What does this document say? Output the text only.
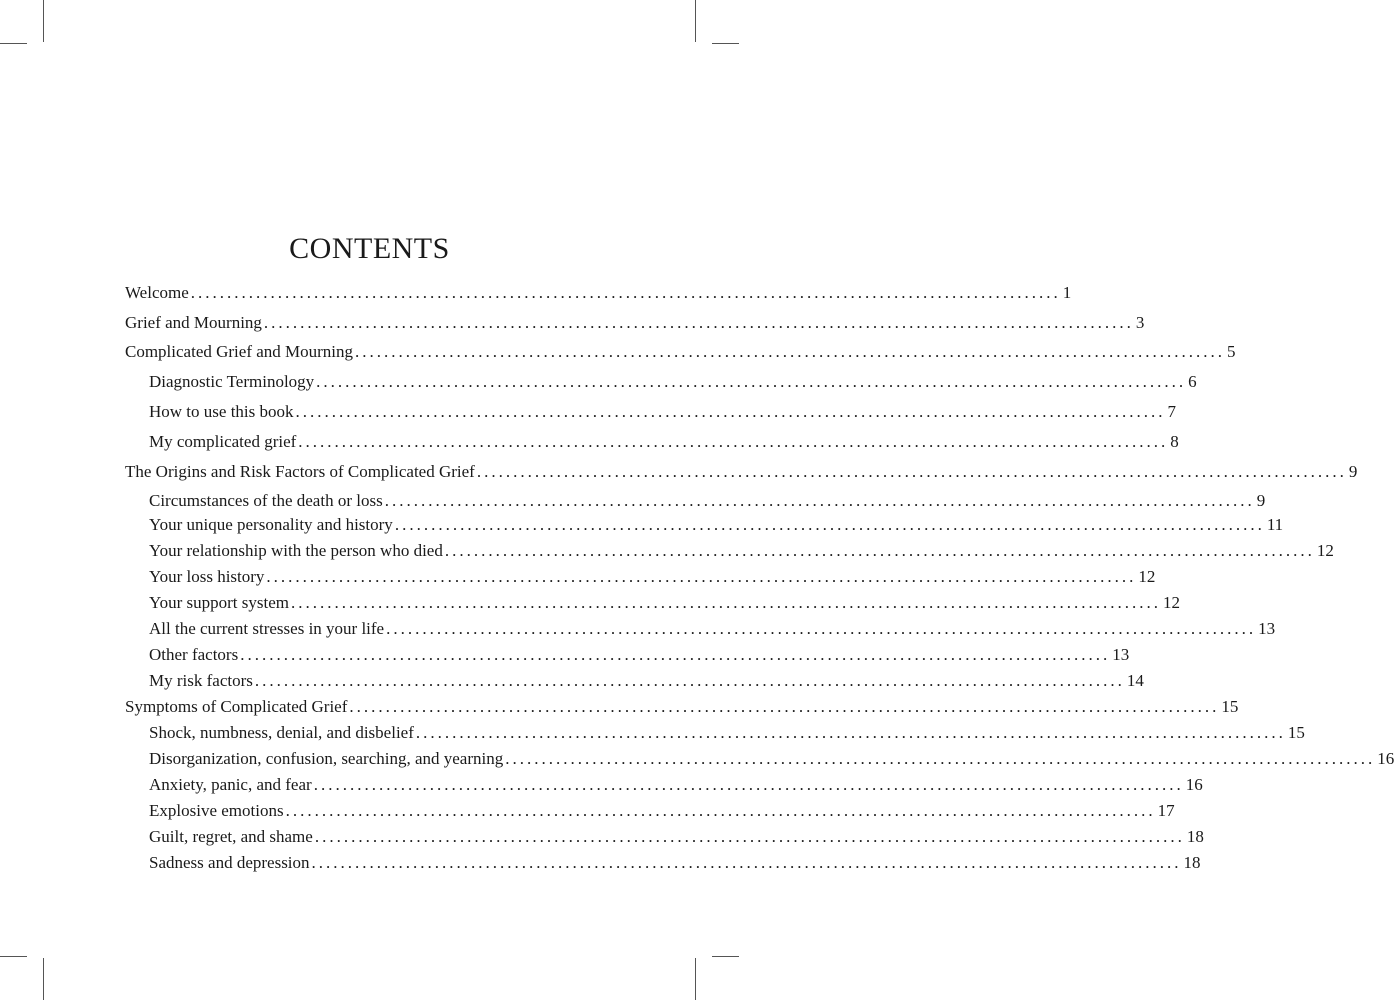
CONTENTS
Welcome ........................................................................................................................ 1
Grief and Mourning ........................................................................................................................ 3
Complicated Grief and Mourning ........................................................................................................................ 5
Diagnostic Terminology ........................................................................................................................ 6
How to use this book ........................................................................................................................ 7
My complicated grief ........................................................................................................................ 8
The Origins and Risk Factors of Complicated Grief ........................................................................................................................ 9
Circumstances of the death or loss ........................................................................................................................ 9
Your unique personality and history ........................................................................................................................ 11
Your relationship with the person who died ........................................................................................................................ 12
Your loss history ........................................................................................................................ 12
Your support system ........................................................................................................................ 12
All the current stresses in your life ........................................................................................................................ 13
Other factors ........................................................................................................................ 13
My risk factors ........................................................................................................................ 14
Symptoms of Complicated Grief ........................................................................................................................ 15
Shock, numbness, denial, and disbelief ........................................................................................................................ 15
Disorganization, confusion, searching, and yearning ........................................................................................................................ 16
Anxiety, panic, and fear ........................................................................................................................ 16
Explosive emotions ........................................................................................................................ 17
Guilt, regret, and shame ........................................................................................................................ 18
Sadness and depression ........................................................................................................................ 18
